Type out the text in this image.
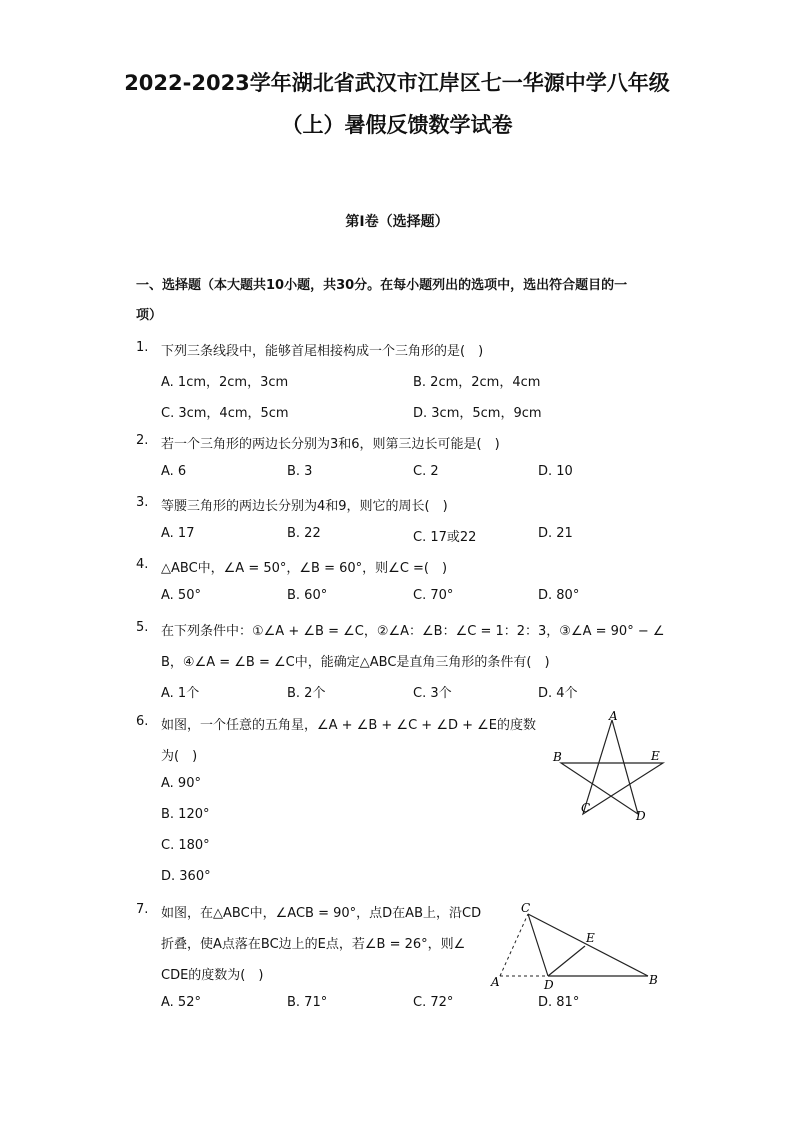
2022-2023学年湖北省武汉市江岸区七一华源中学八年级
（上）暑假反馈数学试卷
第I卷（选择题）
一、选择题（本大题共10小题，共30分。在每小题列出的选项中，选出符合题目的一
项）
1. 下列三条线段中，能够首尾相接构成一个三角形的是(　)
A. 1cm，2cm，3cm	B. 2cm，2cm，4cm
C. 3cm，4cm，5cm	D. 3cm，5cm，9cm
2. 若一个三角形的两边长分别为3和6，则第三边长可能是(　)
A. 6	B. 3	C. 2	D. 10
3. 等腰三角形的两边长分别为4和9，则它的周长(　)
A. 17	B. 22	C. 17或22	D. 21
4. △ABC中，∠A = 50°，∠B = 60°，则∠C =(　)
A. 50°	B. 60°	C. 70°	D. 80°
5. 在下列条件中：①∠A + ∠B = ∠C，②∠A：∠B：∠C = 1：2：3，③∠A = 90° − ∠
B，④∠A = ∠B = ∠C中，能确定△ABC是直角三角形的条件有(　)
A. 1个	B. 2个	C. 3个	D. 4个
6. 如图，一个任意的五角星，∠A + ∠B + ∠C + ∠D + ∠E的度数
为(　)
A. 90°
B. 120°
C. 180°
D. 360°
A
B	E
C
D
7. 如图，在△ABC中，∠ACB = 90°，点D在AB上，沿CD
折叠，使A点落在BC边上的E点，若∠B = 26°，则∠
CDE的度数为(　)
A. 52°	B. 71°	C. 72°	D. 81°
C
E
A	D	B
